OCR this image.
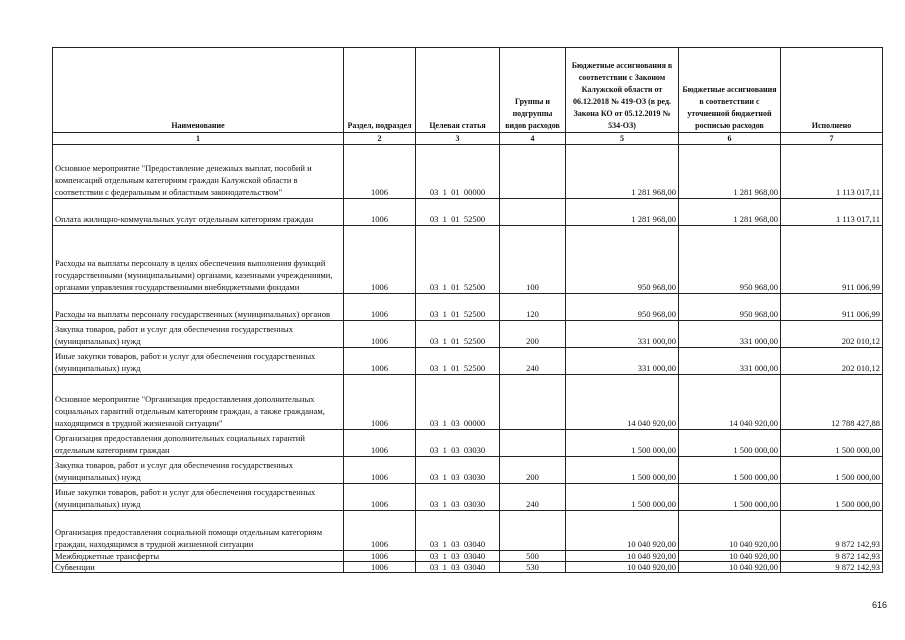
Наименование	Раздел, подраздел	Целевая статья	Группы и подгруппы видов расходов	Бюджетные ассигнования в соответствии с Законом Калужской области от 06.12.2018 № 419-ОЗ (в ред. Закона КО от 05.12.2019 № 534-ОЗ)	Бюджетные ассигнования в соответствии с уточненной бюджетной росписью расходов	Исполнено
1	2	3	4	5	6	7
Основное мероприятие "Предоставление денежных выплат, пособий и компенсаций отдельным категориям граждан Калужской области в соответствии с федеральным и областным законодательством"	1006	03  1  01  00000		1 281 968,00	1 281 968,00	1 113 017,11
Оплата жилищно-коммунальных услуг отдельным категориям граждан	1006	03  1  01  52500		1 281 968,00	1 281 968,00	1 113 017,11
Расходы на выплаты персоналу в целях обеспечения выполнения функций государственными (муниципальными) органами, казенными учреждениями, органами управления государственными внебюджетными фондами	1006	03  1  01  52500	100	950 968,00	950 968,00	911 006,99
Расходы на выплаты персоналу государственных (муниципальных) органов	1006	03  1  01  52500	120	950 968,00	950 968,00	911 006,99
Закупка товаров, работ и услуг для обеспечения государственных (муниципальных) нужд	1006	03  1  01  52500	200	331 000,00	331 000,00	202 010,12
Иные закупки товаров, работ и услуг для обеспечения государственных (муниципальных) нужд	1006	03  1  01  52500	240	331 000,00	331 000,00	202 010,12
Основное мероприятие "Организация предоставления дополнительных социальных гарантий отдельным категориям граждан, а также гражданам, находящимся в трудной жизненной ситуации"	1006	03  1  03  00000		14 040 920,00	14 040 920,00	12 788 427,88
Организация предоставления дополнительных социальных гарантий отдельным категориям граждан	1006	03  1  03  03030		1 500 000,00	1 500 000,00	1 500 000,00
Закупка товаров, работ и услуг для обеспечения государственных (муниципальных) нужд	1006	03  1  03  03030	200	1 500 000,00	1 500 000,00	1 500 000,00
Иные закупки товаров, работ и услуг для обеспечения государственных (муниципальных) нужд	1006	03  1  03  03030	240	1 500 000,00	1 500 000,00	1 500 000,00
Организация предоставления социальной помощи отдельным категориям граждан, находящимся в трудной жизненной ситуации	1006	03  1  03  03040		10 040 920,00	10 040 920,00	9 872 142,93
Межбюджетные трансферты	1006	03  1  03  03040	500	10 040 920,00	10 040 920,00	9 872 142,93
Субвенции	1006	03  1  03  03040	530	10 040 920,00	10 040 920,00	9 872 142,93
616
